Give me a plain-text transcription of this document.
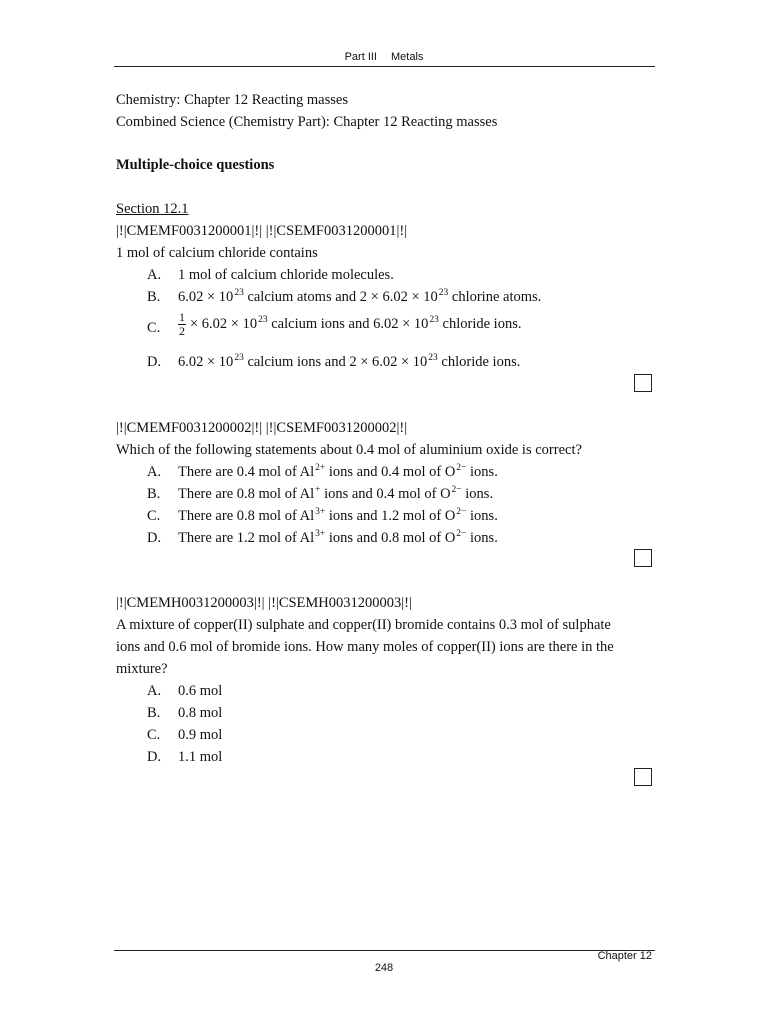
Part III Metals
Chemistry: Chapter 12 Reacting masses
Combined Science (Chemistry Part): Chapter 12 Reacting masses
Multiple-choice questions
Section 12.1
|!|CMEMF0031200001|!| |!|CSEMF0031200001|!|
1 mol of calcium chloride contains
A. 1 mol of calcium chloride molecules.
B. $6.02 \times 10^{23}$ calcium atoms and $2 \times 6.02 \times 10^{23}$ chlorine atoms.
C. $\frac{1}{2} \times 6.02 \times 10^{23}$ calcium ions and $6.02 \times 10^{23}$ chloride ions.
D. $6.02 \times 10^{23}$ calcium ions and $2 \times 6.02 \times 10^{23}$ chloride ions.
|!|CMEMF0031200002|!| |!|CSEMF0031200002|!|
Which of the following statements about 0.4 mol of aluminium oxide is correct?
A. There are 0.4 mol of $Al^{2+}$ ions and 0.4 mol of $O^{2-}$ ions.
B. There are 0.8 mol of Al+ ions and 0.4 mol of $O^{2-}$ ions.
C. There are 0.8 mol of $Al^{3+}$ ions and 1.2 mol of $O^{2-}$ ions.
D. There are 1.2 mol of $Al^{3+}$ ions and 0.8 mol of $O^{2-}$ ions.
|!|CMEMH0031200003|!| |!|CSEMH0031200003|!|
A mixture of copper(II) sulphate and copper(II) bromide contains 0.3 mol of sulphate
ions and 0.6 mol of bromide ions. How many moles of copper(II) ions are there in the
mixture?
A. 0.6 mol
B. 0.8 mol
C. 0.9 mol
D. 1.1 mol
Chapter 12
248
